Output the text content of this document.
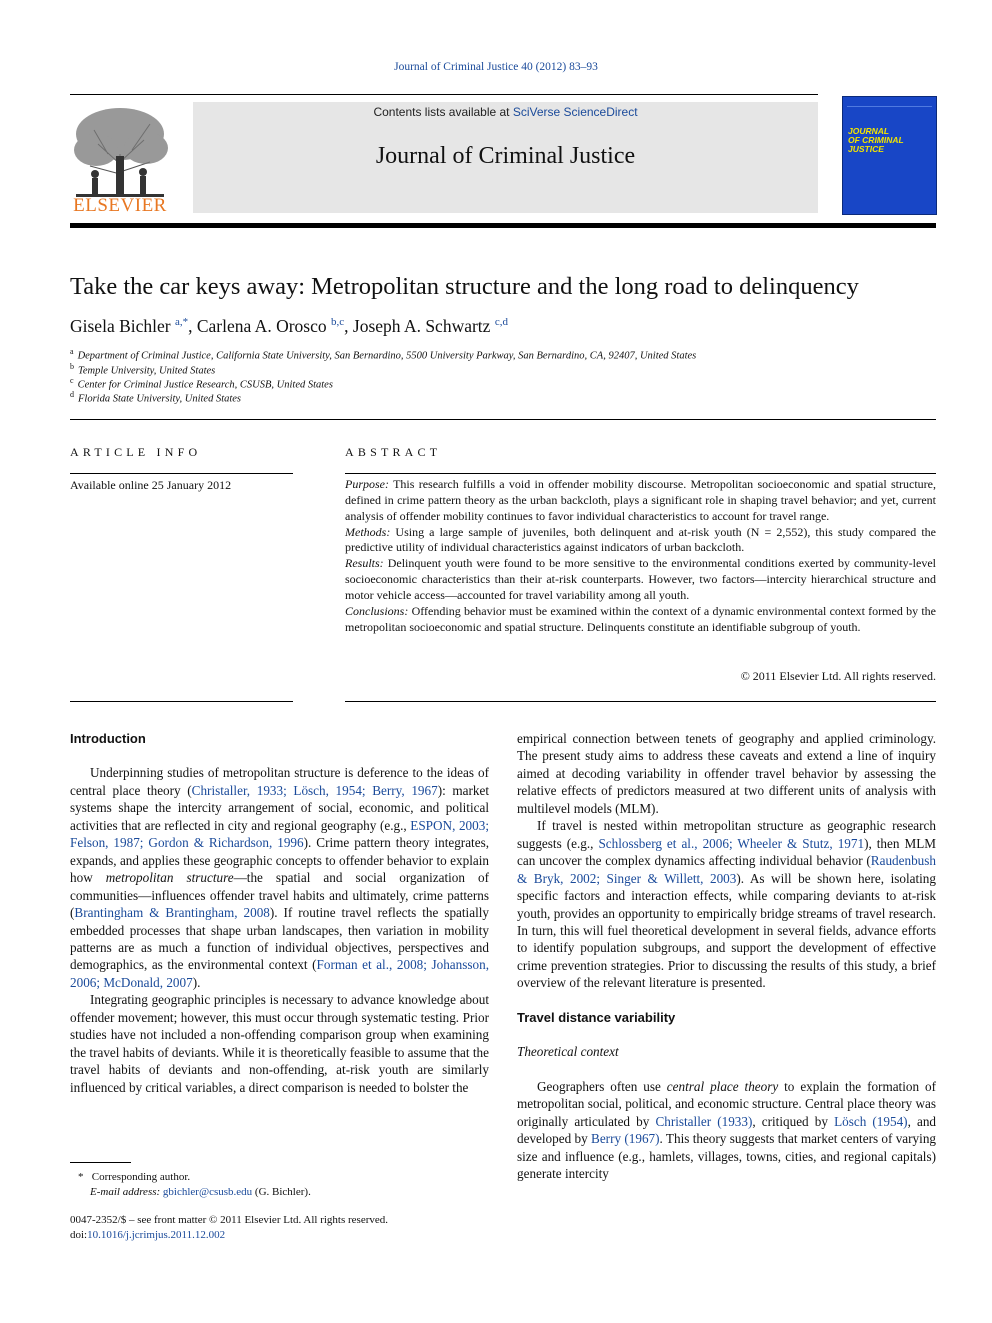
Journal of Criminal Justice 40 (2012) 83–93
ELSEVIER
Contents lists available at SciVerse ScienceDirect
Journal of Criminal Justice
JOURNAL
OF CRIMINAL
JUSTICE
Take the car keys away: Metropolitan structure and the long road to delinquency
Gisela Bichler $^{a,*}$, Carlena A. Orosco $^{b,c}$, Joseph A. Schwartz $^{c,d}$
$^a$ Department of Criminal Justice, California State University, San Bernardino, 5500 University Parkway, San Bernardino, CA, 92407, United States
$^b$ Temple University, United States
$^c$ Center for Criminal Justice Research, CSUSB, United States
$^d$ Florida State University, United States
ARTICLE INFO
Available online 25 January 2012
ABSTRACT

Purpose: This research fulfills a void in offender mobility discourse. Metropolitan socioeconomic and spatial structure, defined in crime pattern theory as the urban backcloth, plays a significant role in shaping travel behavior; and yet, current analysis of offender mobility continues to favor individual characteristics to account for travel range.

Methods: Using a large sample of juveniles, both delinquent and at-risk youth (N = 2,552), this study compared the predictive utility of individual characteristics against indicators of urban backcloth.

Results: Delinquent youth were found to be more sensitive to the environmental conditions exerted by community-level socioeconomic characteristics than their at-risk counterparts. However, two factors—intercity hierarchical structure and motor vehicle access—accounted for travel variability among all youth.

Conclusions: Offending behavior must be examined within the context of a dynamic environmental context formed by the metropolitan socioeconomic and spatial structure. Delinquents constitute an identifiable subgroup of youth.

© 2011 Elsevier Ltd. All rights reserved.

Introduction

Underpinning studies of metropolitan structure is deference to the ideas of central place theory (Christaller, 1933; Lösch, 1954; Berry, 1967): market systems shape the intercity arrangement of social, economic, and political activities that are reflected in city and regional geography (e.g., ESPON, 2003; Felson, 1987; Gordon & Richardson, 1996). Crime pattern theory integrates, expands, and applies these geographic concepts to offender behavior to explain how metropolitan structure—the spatial and social organization of communities—influences offender travel habits and ultimately, crime patterns (Brantingham & Brantingham, 2008). If routine travel reflects the spatially embedded processes that shape urban landscapes, then variation in mobility patterns are as much a function of individual objectives, perspectives and demographics, as the environmental context (Forman et al., 2008; Johansson, 2006; McDonald, 2007).

Integrating geographic principles is necessary to advance knowledge about offender movement; however, this must occur through systematic testing. Prior studies have not included a non-offending comparison group when examining the travel habits of deviants. While it is theoretically feasible to assume that the travel habits of deviants and non-offending, at-risk youth are similarly influenced by critical variables, a direct comparison is needed to bolster the

empirical connection between tenets of geography and applied criminology. The present study aims to address these caveats and extend a line of inquiry aimed at decoding variability in offender travel behavior by assessing the relative effects of predictors measured at two different units of analysis with multilevel models (MLM).

If travel is nested within metropolitan structure as geographic research suggests (e.g., Schlossberg et al., 2006; Wheeler & Stutz, 1971), then MLM can uncover the complex dynamics affecting individual behavior (Raudenbush & Bryk, 2002; Singer & Willett, 2003). As will be shown here, isolating specific factors and interaction effects, while comparing deviants to at-risk youth, provides an opportunity to empirically bridge streams of travel research. In turn, this will fuel theoretical development in several fields, advance efforts to identify population subgroups, and support the development of effective crime prevention strategies. Prior to discussing the results of this study, a brief overview of the relevant literature is presented.

Travel distance variability

Theoretical context

Geographers often use central place theory to explain the formation of metropolitan social, political, and economic structure. Central place theory was originally articulated by Christaller (1933), critiqued by Lösch (1954), and developed by Berry (1967). This theory suggests that market centers of varying size and influence (e.g., hamlets, villages, towns, cities, and regional capitals) generate intercity

* Corresponding author.
E-mail address: gbichler@csusb.edu (G. Bichler).
0047-2352/$ – see front matter © 2011 Elsevier Ltd. All rights reserved.
doi:10.1016/j.jcrimjus.2011.12.002
